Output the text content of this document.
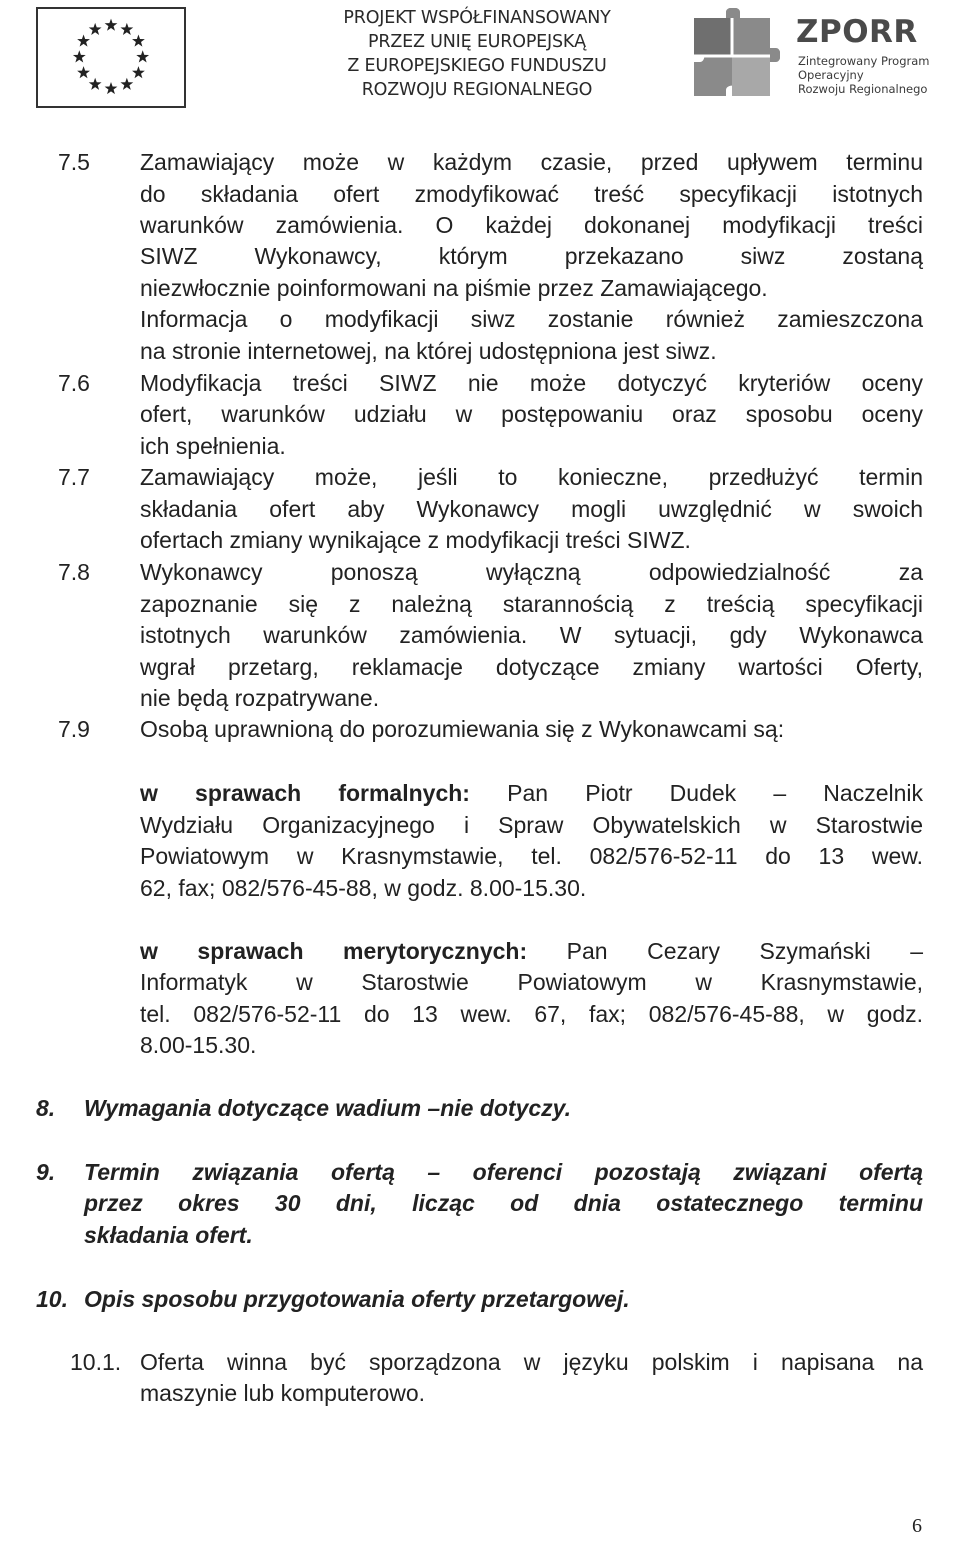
PROJEKT WSPÓŁFINANSOWANY
PRZEZ UNIĘ EUROPEJSKĄ
Z EUROPEJSKIEGO FUNDUSZU
ROZWOJU REGIONALNEGO
ZPORR
Zintegrowany Program
Operacyjny
Rozwoju Regionalnego
7.5 Zamawiający może w każdym czasie, przed upływem terminu
do składania ofert zmodyfikować treść specyfikacji istotnych
warunków zamówienia. O każdej dokonanej modyfikacji treści
SIWZ Wykonawcy, którym przekazano siwz zostaną
niezwłocznie poinformowani na piśmie przez Zamawiającego.
Informacja o modyfikacji siwz zostanie również zamieszczona
na stronie internetowej, na której udostępniona jest siwz.
7.6 Modyfikacja treści SIWZ nie może dotyczyć kryteriów oceny
ofert, warunków udziału w postępowaniu oraz sposobu oceny
ich spełnienia.
7.7 Zamawiający może, jeśli to konieczne, przedłużyć termin
składania ofert aby Wykonawcy mogli uwzględnić w swoich
ofertach zmiany wynikające z modyfikacji treści SIWZ.
7.8 Wykonawcy ponoszą wyłączną odpowiedzialność za
zapoznanie się z należną starannością z treścią specyfikacji
istotnych warunków zamówienia. W sytuacji, gdy Wykonawca
wgrał przetarg, reklamacje dotyczące zmiany wartości Oferty,
nie będą rozpatrywane.
7.9 Osobą uprawnioną do porozumiewania się z Wykonawcami są:
w sprawach formalnych: Pan Piotr Dudek – Naczelnik
Wydziału Organizacyjnego i Spraw Obywatelskich w Starostwie
Powiatowym w Krasnymstawie, tel. 082/576-52-11 do 13 wew.
62, fax; 082/576-45-88, w godz. 8.00-15.30.
w sprawach merytorycznych: Pan Cezary Szymański –
Informatyk w Starostwie Powiatowym w Krasnymstawie,
tel. 082/576-52-11 do 13 wew. 67, fax; 082/576-45-88, w godz.
8.00-15.30.
8. Wymagania dotyczące wadium –nie dotyczy.
9. Termin związania ofertą – oferenci pozostają związani ofertą
przez okres 30 dni, licząc od dnia ostatecznego terminu
składania ofert.
10. Opis sposobu przygotowania oferty przetargowej.
10.1. Oferta winna być sporządzona w języku polskim i napisana na
maszynie lub komputerowo.
6
